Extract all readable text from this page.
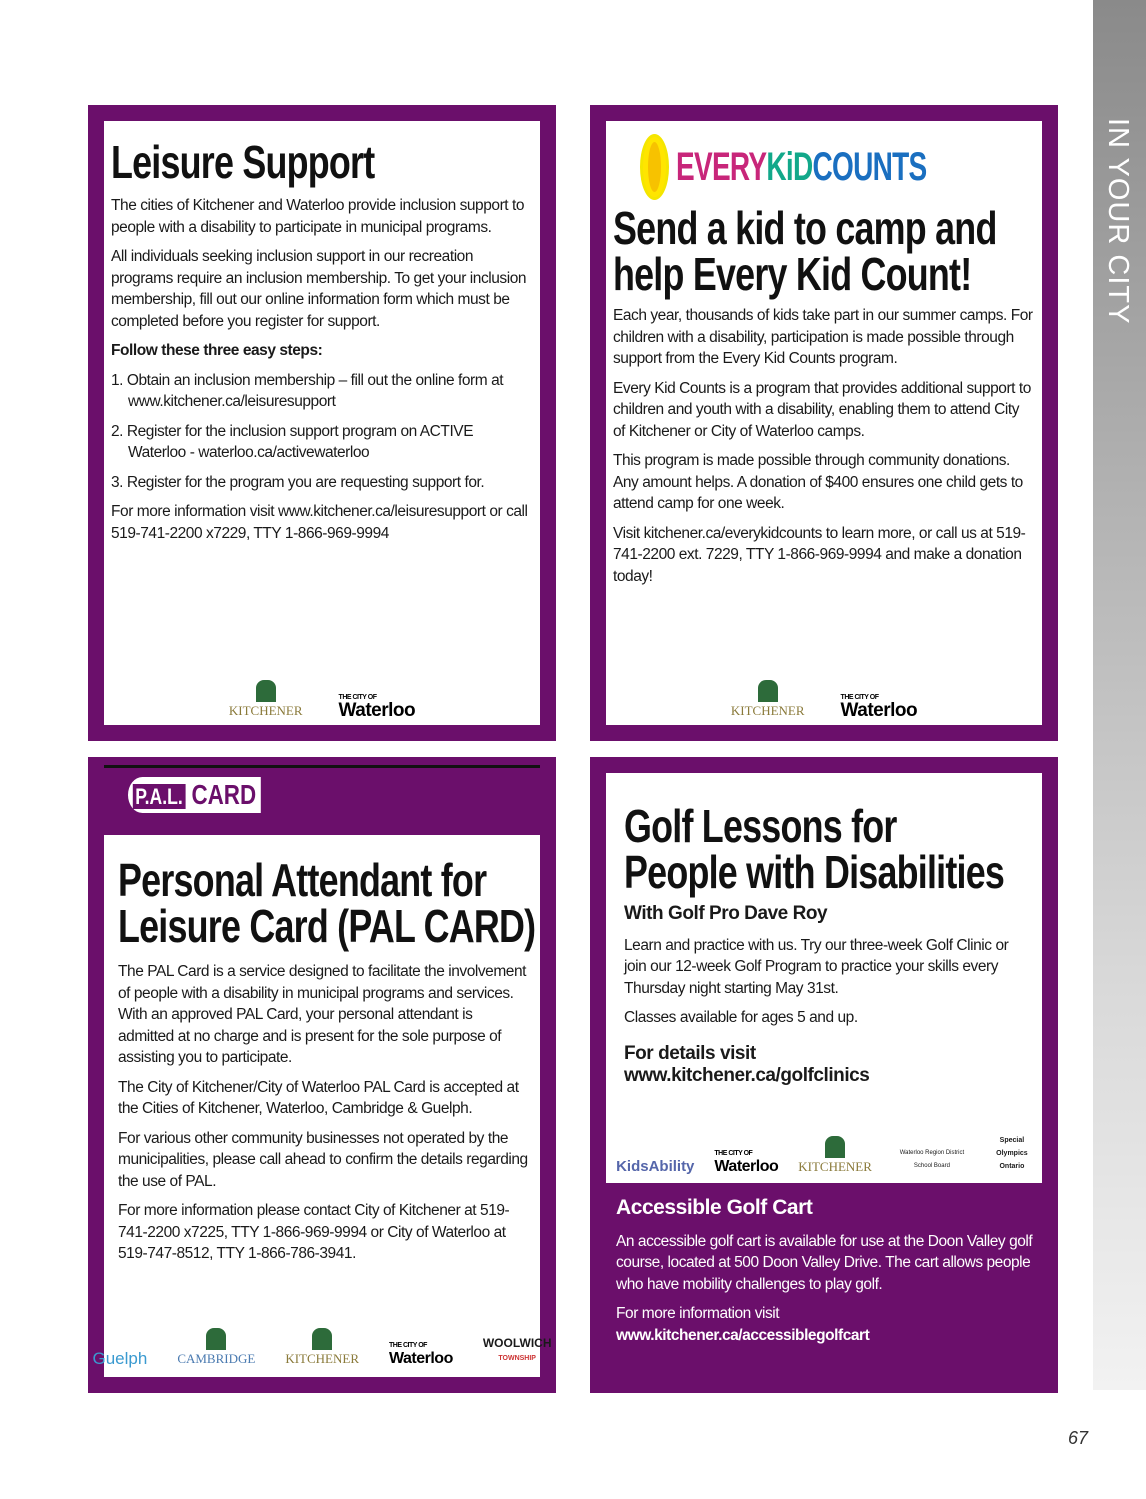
IN YOUR CITY
67
Leisure Support

The cities of Kitchener and Waterloo provide inclusion support to people with a disability to participate in municipal programs.

All individuals seeking inclusion support in our recreation programs require an inclusion membership. To get your inclusion membership, fill out our online information form which must be completed before you register for support.

Follow these three easy steps:

1. Obtain an inclusion membership – fill out the online form at www.kitchener.ca/leisuresupport
2. Register for the inclusion support program on ACTIVE Waterloo - waterloo.ca/activewaterloo
3. Register for the program you are requesting support for.

For more information visit www.kitchener.ca/leisuresupport or call 519-741-2200 x7229, TTY 1-866-969-9994

KITCHENER
THE CITY OF
Waterloo
EVERYKiDCOUNTS
Send a kid to camp and help Every Kid Count!

Each year, thousands of kids take part in our summer camps. For children with a disability, participation is made possible through support from the Every Kid Counts program.

Every Kid Counts is a program that provides additional support to children and youth with a disability, enabling them to attend City of Kitchener or City of Waterloo camps.

This program is made possible through community donations. Any amount helps. A donation of $400 ensures one child gets to attend camp for one week.

Visit kitchener.ca/everykidcounts to learn more, or call us at 519-741-2200 ext. 7229, TTY 1-866-969-9994 and make a donation today!

KITCHENER
THE CITY OF
Waterloo
P.A.L. CARD
Personal Attendant for
Leisure Card (PAL CARD)

The PAL Card is a service designed to facilitate the involvement of people with a disability in municipal programs and services. With an approved PAL Card, your personal attendant is admitted at no charge and is present for the sole purpose of assisting you to participate.

The City of Kitchener/City of Waterloo PAL Card is accepted at the Cities of Kitchener, Waterloo, Cambridge & Guelph.

For various other community businesses not operated by the municipalities, please call ahead to confirm the details regarding the use of PAL.

For more information please contact City of Kitchener at 519-741-2200 x7225, TTY 1-866-969-9994 or City of Waterloo at 519-747-8512, TTY 1-866-786-3941.

Guelph CAMBRIDGE KITCHENER
THE CITY OF
Waterloo
WOOLWICH
TOWNSHIP
Golf Lessons for
People with Disabilities

With Golf Pro Dave Roy

Learn and practice with us. Try our three-week Golf Clinic or join our 12-week Golf Program to practice your skills every Thursday night starting May 31st.

Classes available for ages 5 and up.

For details visit
www.kitchener.ca/golfclinics

KidsAbility
THE CITY OF
Waterloo KITCHENER
Waterloo Region District School Board
Special Olympics Ontario

Accessible Golf Cart

An accessible golf cart is available for use at the Doon Valley golf course, located at 500 Doon Valley Drive. The cart allows people who have mobility challenges to play golf.

For more information visit
www.kitchener.ca/accessiblegolfcart
